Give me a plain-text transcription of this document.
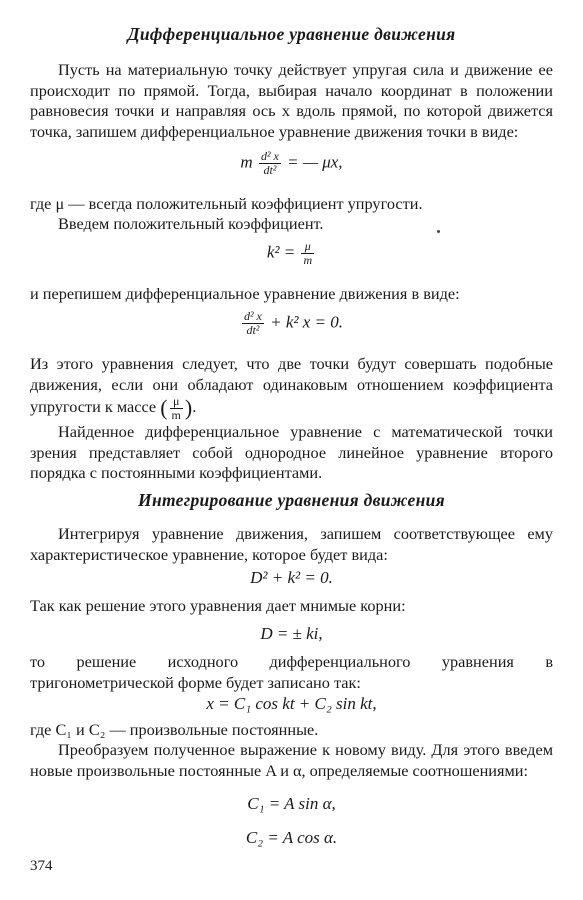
Дифференциальное уравнение движения

Пусть на материальную точку действует упругая сила и движение ее происходит по прямой. Тогда, выбирая начало координат в положении равновесия точки и направляя ось x вдоль прямой, по которой движется точка, запишем дифференциальное уравнение движения точки в виде:

m $\frac{\text{d² x}}{\text{dt²}}$ = — μx,

где μ — всегда положительный коэффициент упругости.

Введем положительный коэффициент.

$k^2 = \frac{\mu}{m}$

и перепишем дифференциальное уравнение движения в виде:

$\frac{\text{d² x}}{\text{dt²}} + k^2$ x = 0.

Из этого уравнения следует, что две точки будут совершать подобные движения, если они обладают одинаковым отношением коэффициента упругости к массе ( $\frac{\mu}{m}$ ).

Найденное дифференциальное уравнение с математической точки зрения представляет собой однородное линейное уравнение второго порядка с постоянными коэффициентами.

Интегрирование уравнения движения

Интегрируя уравнение движения, запишем соответствующее ему характеристическое уравнение, которое будет вида:

D² + k² = 0.

Так как решение этого уравнения дает мнимые корни:

D = ± ki,

то решение исходного дифференциального уравнения в тригонометрической форме будет записано так:

x = C₁ cos kt + C₂ sin kt,

где C₁ и C₂ — произвольные постоянные.

Преобразуем полученное выражение к новому виду. Для этого введем новые произвольные постоянные A и α, определяемые соотношениями:

C₁ = A sin α,

C₂ = A cos α.

374
